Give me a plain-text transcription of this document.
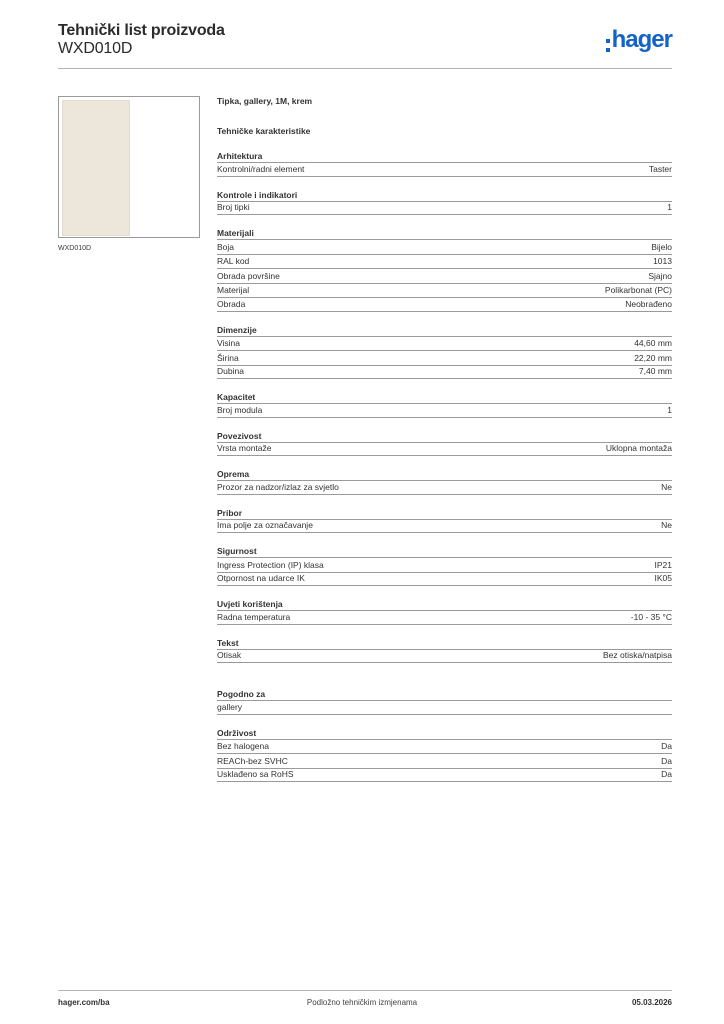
Tehnički list proizvoda
WXD010D	hager
WXD010D
Tipka, gallery, 1M, krem
Tehničke karakteristike
Arhitektura
Kontrolni/radni element	Taster
Kontrole i indikatori
Broj tipki	1
Materijali
Boja	Bijelo
RAL kod	1013
Obrada površine	Sjajno
Materijal	Polikarbonat (PC)
Obrada	Neobrađeno
Dimenzije
Visina	44,60 mm
Širina	22,20 mm
Dubina	7,40 mm
Kapacitet
Broj modula	1
Povezivost
Vrsta montaže	Uklopna montaža
Oprema
Prozor za nadzor/izlaz za svjetlo	Ne
Pribor
Ima polje za označavanje	Ne
Sigurnost
Ingress Protection (IP) klasa	IP21
Otpornost na udarce IK	IK05
Uvjeti korištenja
Radna temperatura	-10 - 35 °C
Tekst
Otisak	Bez otiska/natpisa
Pogodno za
gallery
Održivost
Bez halogena	Da
REACh-bez SVHC	Da
Usklađeno sa RoHS	Da
hager.com/ba	Podložno tehničkim izmjenama	05.03.2026
